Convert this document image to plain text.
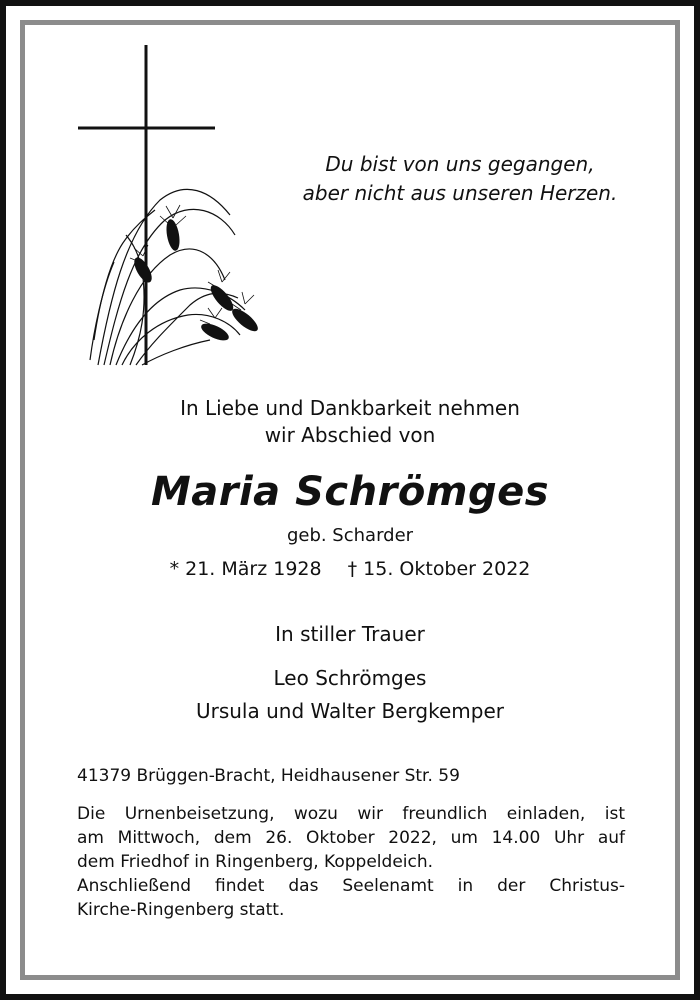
Du bist von uns gegangen,
aber nicht aus unseren Herzen.
In Liebe und Dankbarkeit nehmen
wir Abschied von
Maria Schrömges
geb. Scharder
* 21. März 1928 † 15. Oktober 2022
In stiller Trauer
Leo Schrömges
Ursula und Walter Bergkemper
41379 Brüggen-Bracht, Heidhausener Str. 59
Die Urnenbeisetzung, wozu wir freundlich einladen, ist
am Mittwoch, dem 26. Oktober 2022, um 14.00 Uhr auf
dem Friedhof in Ringenberg, Koppeldeich.
Anschließend findet das Seelenamt in der Christus-
Kirche-Ringenberg statt.
